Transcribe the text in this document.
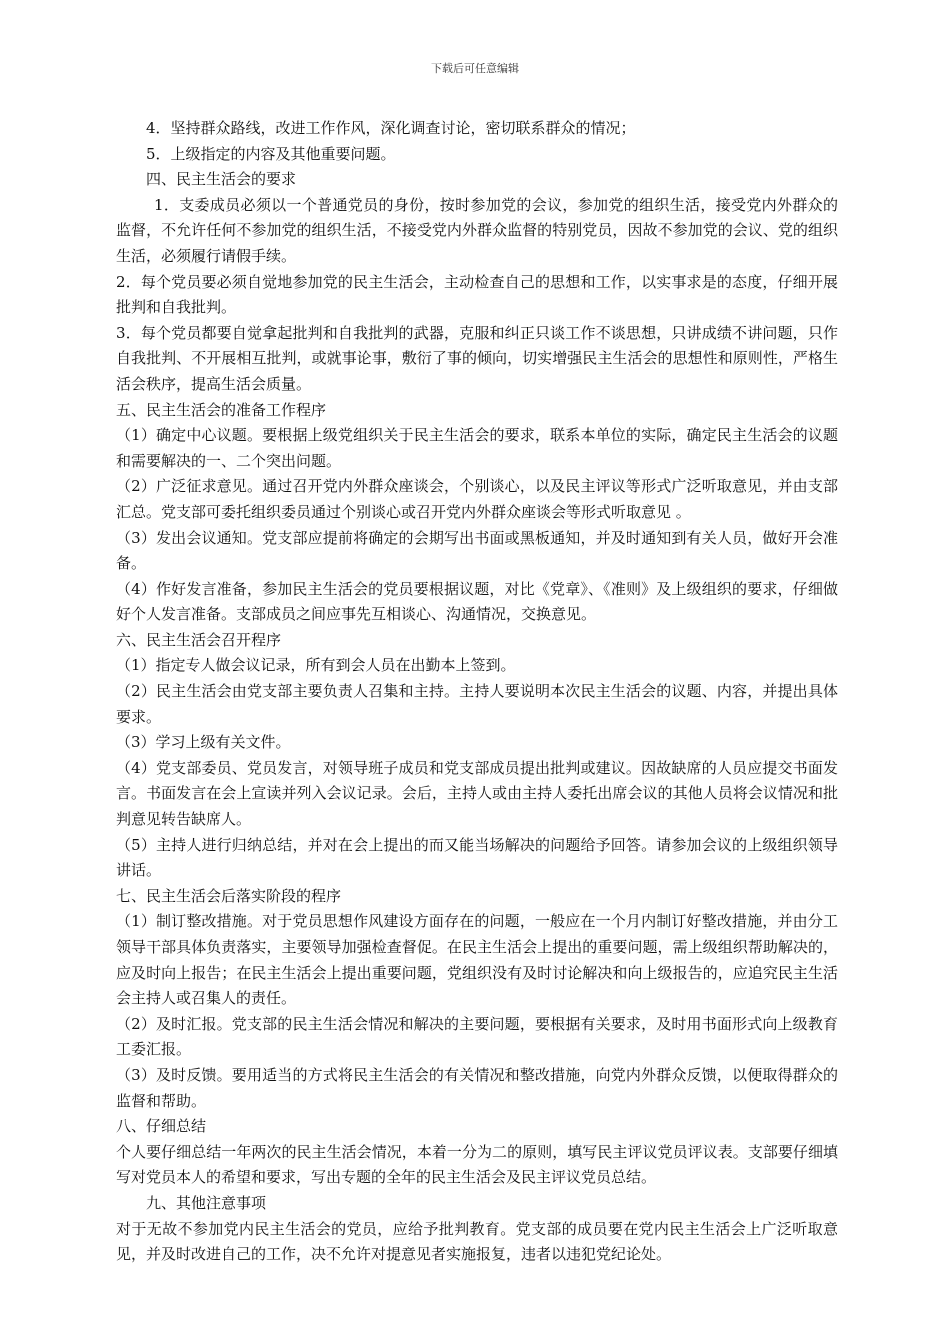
下载后可任意编辑

4．坚持群众路线，改进工作作风，深化调查讨论，密切联系群众的情况；

5．上级指定的内容及其他重要问题。

四、民主生活会的要求

1．支委成员必须以一个普通党员的身份，按时参加党的会议，参加党的组织生活，接受党内外群众的监督，不允许任何不参加党的组织生活，不接受党内外群众监督的特别党员，因故不参加党的会议、党的组织生活，必须履行请假手续。

2．每个党员要必须自觉地参加党的民主生活会，主动检查自己的思想和工作，以实事求是的态度，仔细开展批判和自我批判。

3．每个党员都要自觉拿起批判和自我批判的武器，克服和纠正只谈工作不谈思想，只讲成绩不讲问题，只作自我批判、不开展相互批判，或就事论事，敷衍了事的倾向，切实增强民主生活会的思想性和原则性，严格生活会秩序，提高生活会质量。

五、民主生活会的准备工作程序

（1）确定中心议题。要根据上级党组织关于民主生活会的要求，联系本单位的实际，确定民主生活会的议题和需要解决的一、二个突出问题。

（2）广泛征求意见。通过召开党内外群众座谈会，个别谈心，以及民主评议等形式广泛听取意见，并由支部汇总。党支部可委托组织委员通过个别谈心或召开党内外群众座谈会等形式听取意见 。

（3）发出会议通知。党支部应提前将确定的会期写出书面或黑板通知，并及时通知到有关人员，做好开会准备。

（4）作好发言准备，参加民主生活会的党员要根据议题，对比《党章》、《准则》及上级组织的要求，仔细做好个人发言准备。支部成员之间应事先互相谈心、沟通情况，交换意见。

六、民主生活会召开程序

（1）指定专人做会议记录，所有到会人员在出勤本上签到。

（2）民主生活会由党支部主要负责人召集和主持。主持人要说明本次民主生活会的议题、内容，并提出具体要求。

（3）学习上级有关文件。

（4）党支部委员、党员发言，对领导班子成员和党支部成员提出批判或建议。因故缺席的人员应提交书面发言。书面发言在会上宣读并列入会议记录。会后，主持人或由主持人委托出席会议的其他人员将会议情况和批判意见转告缺席人。

（5）主持人进行归纳总结，并对在会上提出的而又能当场解决的问题给予回答。请参加会议的上级组织领导讲话。

七、民主生活会后落实阶段的程序

（1）制订整改措施。对于党员思想作风建设方面存在的问题，一般应在一个月内制订好整改措施，并由分工领导干部具体负责落实，主要领导加强检查督促。在民主生活会上提出的重要问题，需上级组织帮助解决的，应及时向上报告；在民主生活会上提出重要问题，党组织没有及时讨论解决和向上级报告的，应追究民主生活会主持人或召集人的责任。

（2）及时汇报。党支部的民主生活会情况和解决的主要问题，要根据有关要求，及时用书面形式向上级教育工委汇报。

（3）及时反馈。要用适当的方式将民主生活会的有关情况和整改措施，向党内外群众反馈，以便取得群众的监督和帮助。

八、仔细总结

个人要仔细总结一年两次的民主生活会情况，本着一分为二的原则，填写民主评议党员评议表。支部要仔细填写对党员本人的希望和要求，写出专题的全年的民主生活会及民主评议党员总结。

九、其他注意事项

对于无故不参加党内民主生活会的党员，应给予批判教育。党支部的成员要在党内民主生活会上广泛听取意见，并及时改进自己的工作，决不允许对提意见者实施报复，违者以违犯党纪论处。
